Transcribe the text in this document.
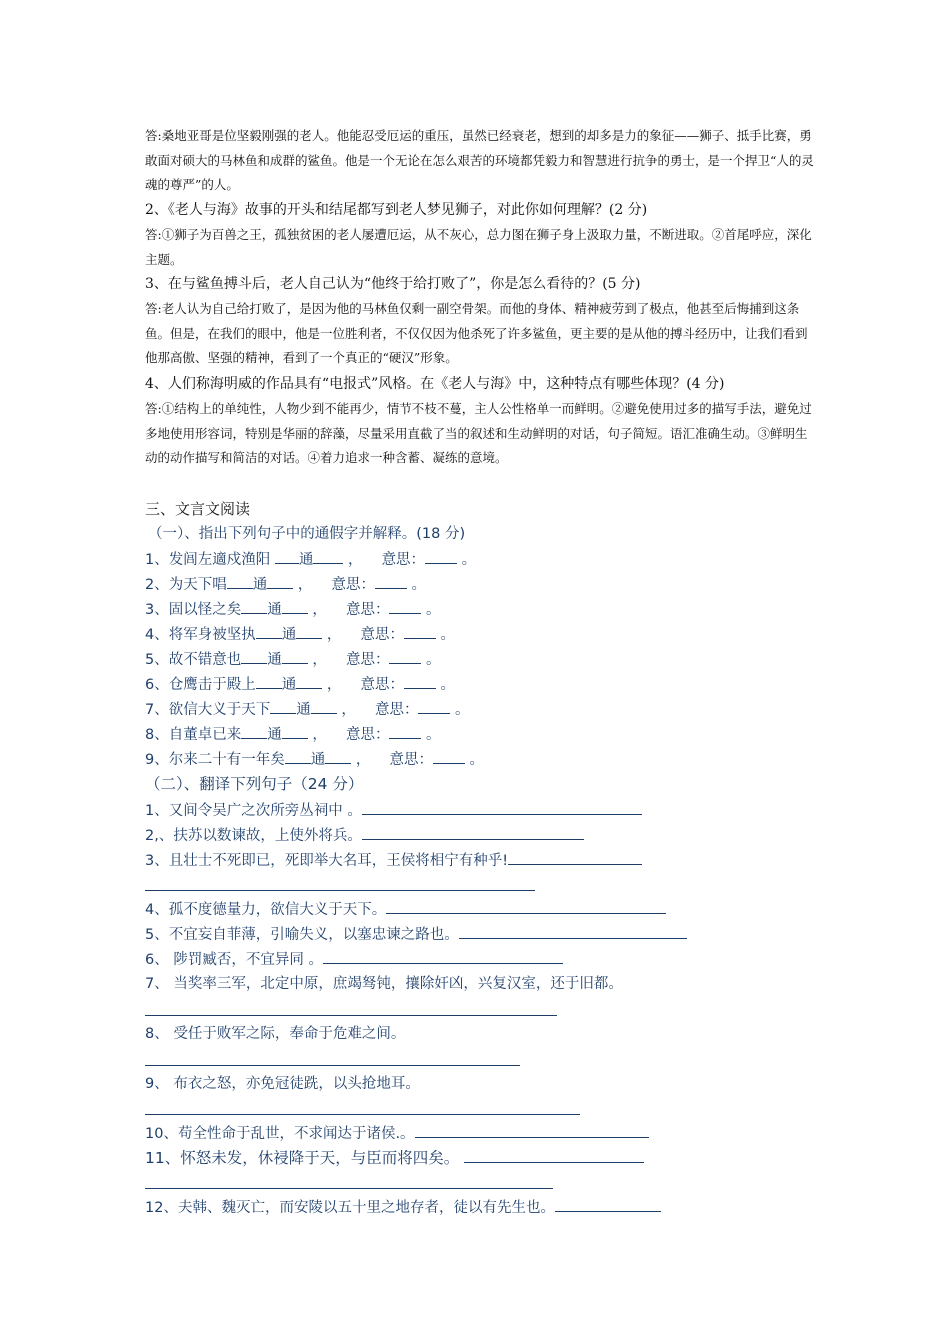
答:桑地亚哥是位坚毅刚强的老人。他能忍受厄运的重压，虽然已经衰老，想到的却多是力的象征——狮子、抵手比赛，勇敢面对硕大的马林鱼和成群的鲨鱼。他是一个无论在怎么艰苦的环境都凭毅力和智慧进行抗争的勇士，是一个捍卫“人的灵魂的尊严”的人。
2、《老人与海》故事的开头和结尾都写到老人梦见狮子，对此你如何理解？(2 分)
答:①狮子为百兽之王，孤独贫困的老人屡遭厄运，从不灰心，总力图在狮子身上汲取力量，不断进取。②首尾呼应，深化主题。
3、在与鲨鱼搏斗后，老人自己认为“他终于给打败了”，你是怎么看待的？(5 分)
答:老人认为自己给打败了，是因为他的马林鱼仅剩一副空骨架。而他的身体、精神疲劳到了极点，他甚至后悔捕到这条鱼。但是，在我们的眼中，他是一位胜利者，不仅仅因为他杀死了许多鲨鱼，更主要的是从他的搏斗经历中，让我们看到他那高傲、坚强的精神，看到了一个真正的“硬汉”形象。
4、人们称海明威的作品具有“电报式”风格。在《老人与海》中，这种特点有哪些体现？(4 分)
答:①结构上的单纯性，人物少到不能再少，情节不枝不蔓，主人公性格单一而鲜明。②避免使用过多的描写手法，避免过多地使用形容词，特别是华丽的辞藻，尽量采用直截了当的叙述和生动鲜明的对话，句子简短。语汇准确生动。③鲜明生动的动作描写和简洁的对话。④着力追求一种含蓄、凝练的意境。
三、文言文阅读
（一）、指出下列句子中的通假字并解释。(18 分)
1、发闾左適戍渔阳 通 ， 　意思： 。
2、为天下唱 通 ， 　意思： 。
3、固以怪之矣 通 ， 　意思： 。
4、将军身被坚执 通 ， 　意思： 。
5、故不错意也 通 ， 　意思： 。
6、仓鹰击于殿上 通 ， 　意思： 。
7、欲信大义于天下 通 ， 　意思： 。
8、自董卓已来 通 ， 　意思： 。
9、尔来二十有一年矣 通 ， 　意思： 。
（二）、翻译下列句子（24 分）
1、又间令吴广之次所旁丛祠中 。
2,、扶苏以数谏故，上使外将兵。
3、且壮士不死即已，死即举大名耳，王侯将相宁有种乎!
4、孤不度德量力，欲信大义于天下。
5、不宜妄自菲薄，引喻失义，以塞忠谏之路也。
6、 陟罚臧否，不宜异同 。
7、 当奖率三军，北定中原，庶竭驽钝，攘除奸凶，兴复汉室，还于旧都。
8、 受任于败军之际，奉命于危难之间。
9、 布衣之怒，亦免冠徒跣，以头抢地耳。
10、苟全性命于乱世，不求闻达于诸侯.。
11、怀怒未发，休祲降于天，与臣而将四矣。
12、夫韩、魏灭亡，而安陵以五十里之地存者，徒以有先生也。
